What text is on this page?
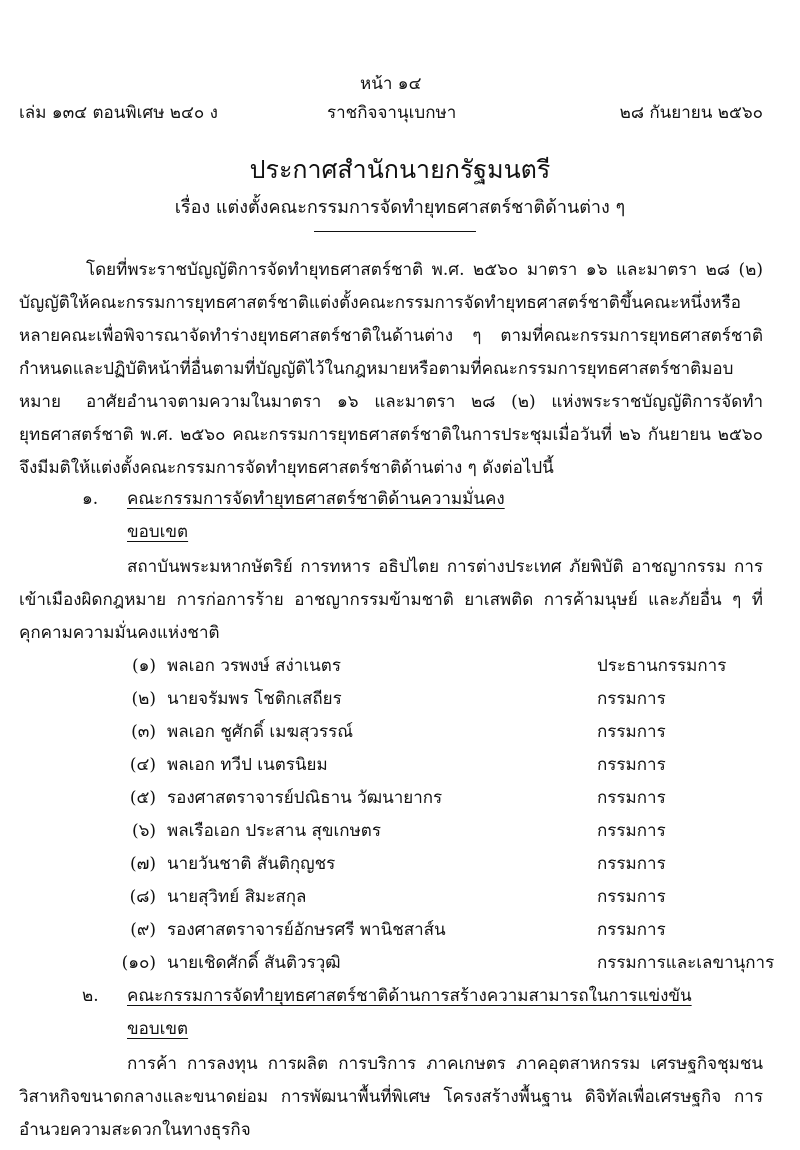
หน้า ๑๔
เล่ม ๑๓๔ ตอนพิเศษ ๒๔๐ ง	ราชกิจจานุเบกษา	๒๘ กันยายน ๒๕๖๐
ประกาศสำนักนายกรัฐมนตรี
เรื่อง แต่งตั้งคณะกรรมการจัดทำยุทธศาสตร์ชาติด้านต่าง ๆ
โดยที่พระราชบัญญัติการจัดทำยุทธศาสตร์ชาติ พ.ศ. ๒๕๖๐ มาตรา ๑๖ และมาตรา ๒๘ (๒) บัญญัติให้คณะกรรมการยุทธศาสตร์ชาติแต่งตั้งคณะกรรมการจัดทำยุทธศาสตร์ชาติขึ้นคณะหนึ่งหรือหลายคณะเพื่อพิจารณาจัดทำร่างยุทธศาสตร์ชาติในด้านต่าง ๆ ตามที่คณะกรรมการยุทธศาสตร์ชาติกำหนดและปฏิบัติหน้าที่อื่นตามที่บัญญัติไว้ในกฎหมายหรือตามที่คณะกรรมการยุทธศาสตร์ชาติมอบหมาย	อาศัยอำนาจตามความในมาตรา ๑๖ และมาตรา ๒๘ (๒) แห่งพระราชบัญญัติการจัดทำยุทธศาสตร์ชาติ พ.ศ. ๒๕๖๐ คณะกรรมการยุทธศาสตร์ชาติในการประชุมเมื่อวันที่ ๒๖ กันยายน ๒๕๖๐ จึงมีมติให้แต่งตั้งคณะกรรมการจัดทำยุทธศาสตร์ชาติด้านต่าง ๆ ดังต่อไปนี้
๑. คณะกรรมการจัดทำยุทธศาสตร์ชาติด้านความมั่นคง
ขอบเขต
สถาบันพระมหากษัตริย์ การทหาร อธิปไตย การต่างประเทศ ภัยพิบัติ อาชญากรรม การเข้าเมืองผิดกฎหมาย การก่อการร้าย อาชญากรรมข้ามชาติ ยาเสพติด การค้ามนุษย์ และภัยอื่น ๆ ที่คุกคามความมั่นคงแห่งชาติ
(๑) พลเอก วรพงษ์ สง่าเนตร	ประธานกรรมการ
(๒) นายจรัมพร โชติกเสถียร	กรรมการ
(๓) พลเอก ชูศักดิ์ เมฆสุวรรณ์	กรรมการ
(๔) พลเอก ทวีป เนตรนิยม	กรรมการ
(๕) รองศาสตราจารย์ปณิธาน วัฒนายากร	กรรมการ
(๖) พลเรือเอก ประสาน สุขเกษตร	กรรมการ
(๗) นายวันชาติ สันติกุญชร	กรรมการ
(๘) นายสุวิทย์ สิมะสกุล	กรรมการ
(๙) รองศาสตราจารย์อักษรศรี พานิชสาส์น	กรรมการ
(๑๐) นายเชิดศักดิ์ สันติวรวุฒิ	กรรมการและเลขานุการ
๒. คณะกรรมการจัดทำยุทธศาสตร์ชาติด้านการสร้างความสามารถในการแข่งขัน
ขอบเขต
การค้า การลงทุน การผลิต การบริการ ภาคเกษตร ภาคอุตสาหกรรม เศรษฐกิจชุมชน วิสาหกิจขนาดกลางและขนาดย่อม การพัฒนาพื้นที่พิเศษ โครงสร้างพื้นฐาน ดิจิทัลเพื่อเศรษฐกิจ การอำนวยความสะดวกในทางธุรกิจ
